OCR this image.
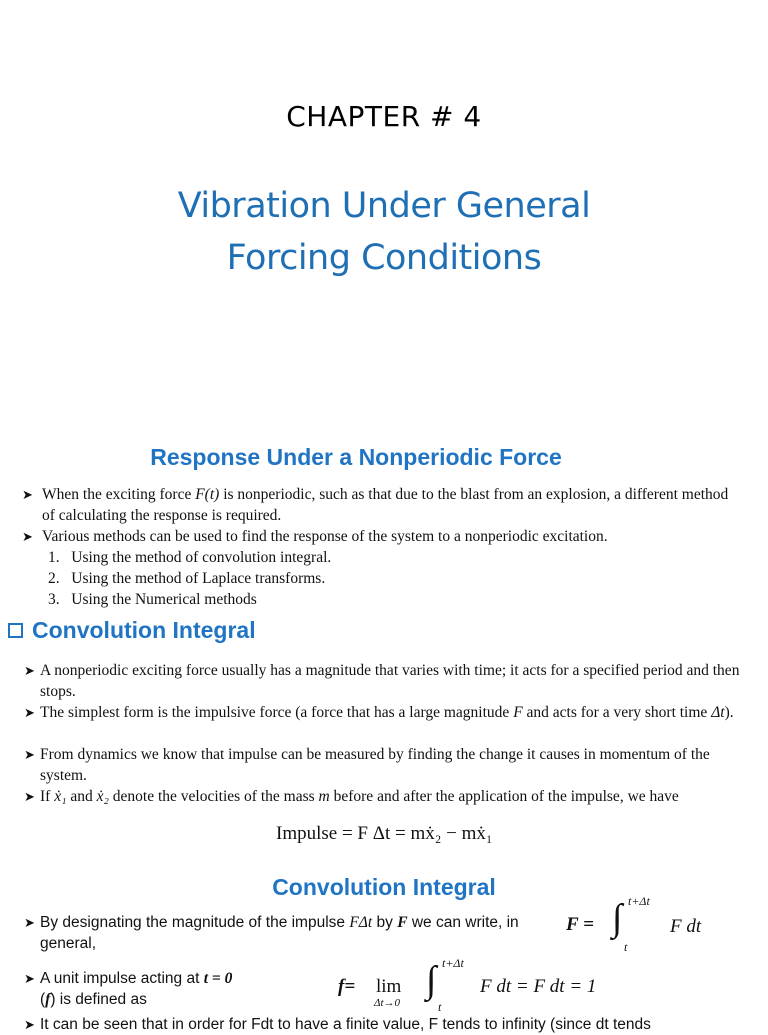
CHAPTER # 4
Vibration Under General
Forcing Conditions
Response Under a Nonperiodic Force
➤ When the exciting force F(t) is nonperiodic, such as that due to the blast from an explosion, a different method of calculating the response is required.
➤ Various methods can be used to find the response of the system to a nonperiodic excitation.
1.   Using the method of convolution integral.
2.   Using the method of Laplace transforms.
3.   Using the Numerical methods
Convolution Integral
➤ A nonperiodic exciting force usually has a magnitude that varies with time; it acts for a specified period and then stops.
➤ The simplest form is the impulsive force (a force that has a large magnitude F and acts for a very short time Δt).
➤ From dynamics we know that impulse can be measured by finding the change it causes in momentum of the system.
➤ If ẋ₁ and ẋ₂ denote the velocities of the mass m before and after the application of the impulse, we have
Impulse = F Δt = mẋ₂ − mẋ₁
Convolution Integral
➤ By designating the magnitude of the impulse FΔt by F we can write, in general,
F = ∫ t+Δt
t
F dt
➤ A unit impulse acting at t = 0
(f) is defined as
f= lim
Δt→0
∫ t+Δt
t
F dt = F dt = 1
➤ It can be seen that in order for Fdt to have a finite value, F tends to infinity (since dt tends
